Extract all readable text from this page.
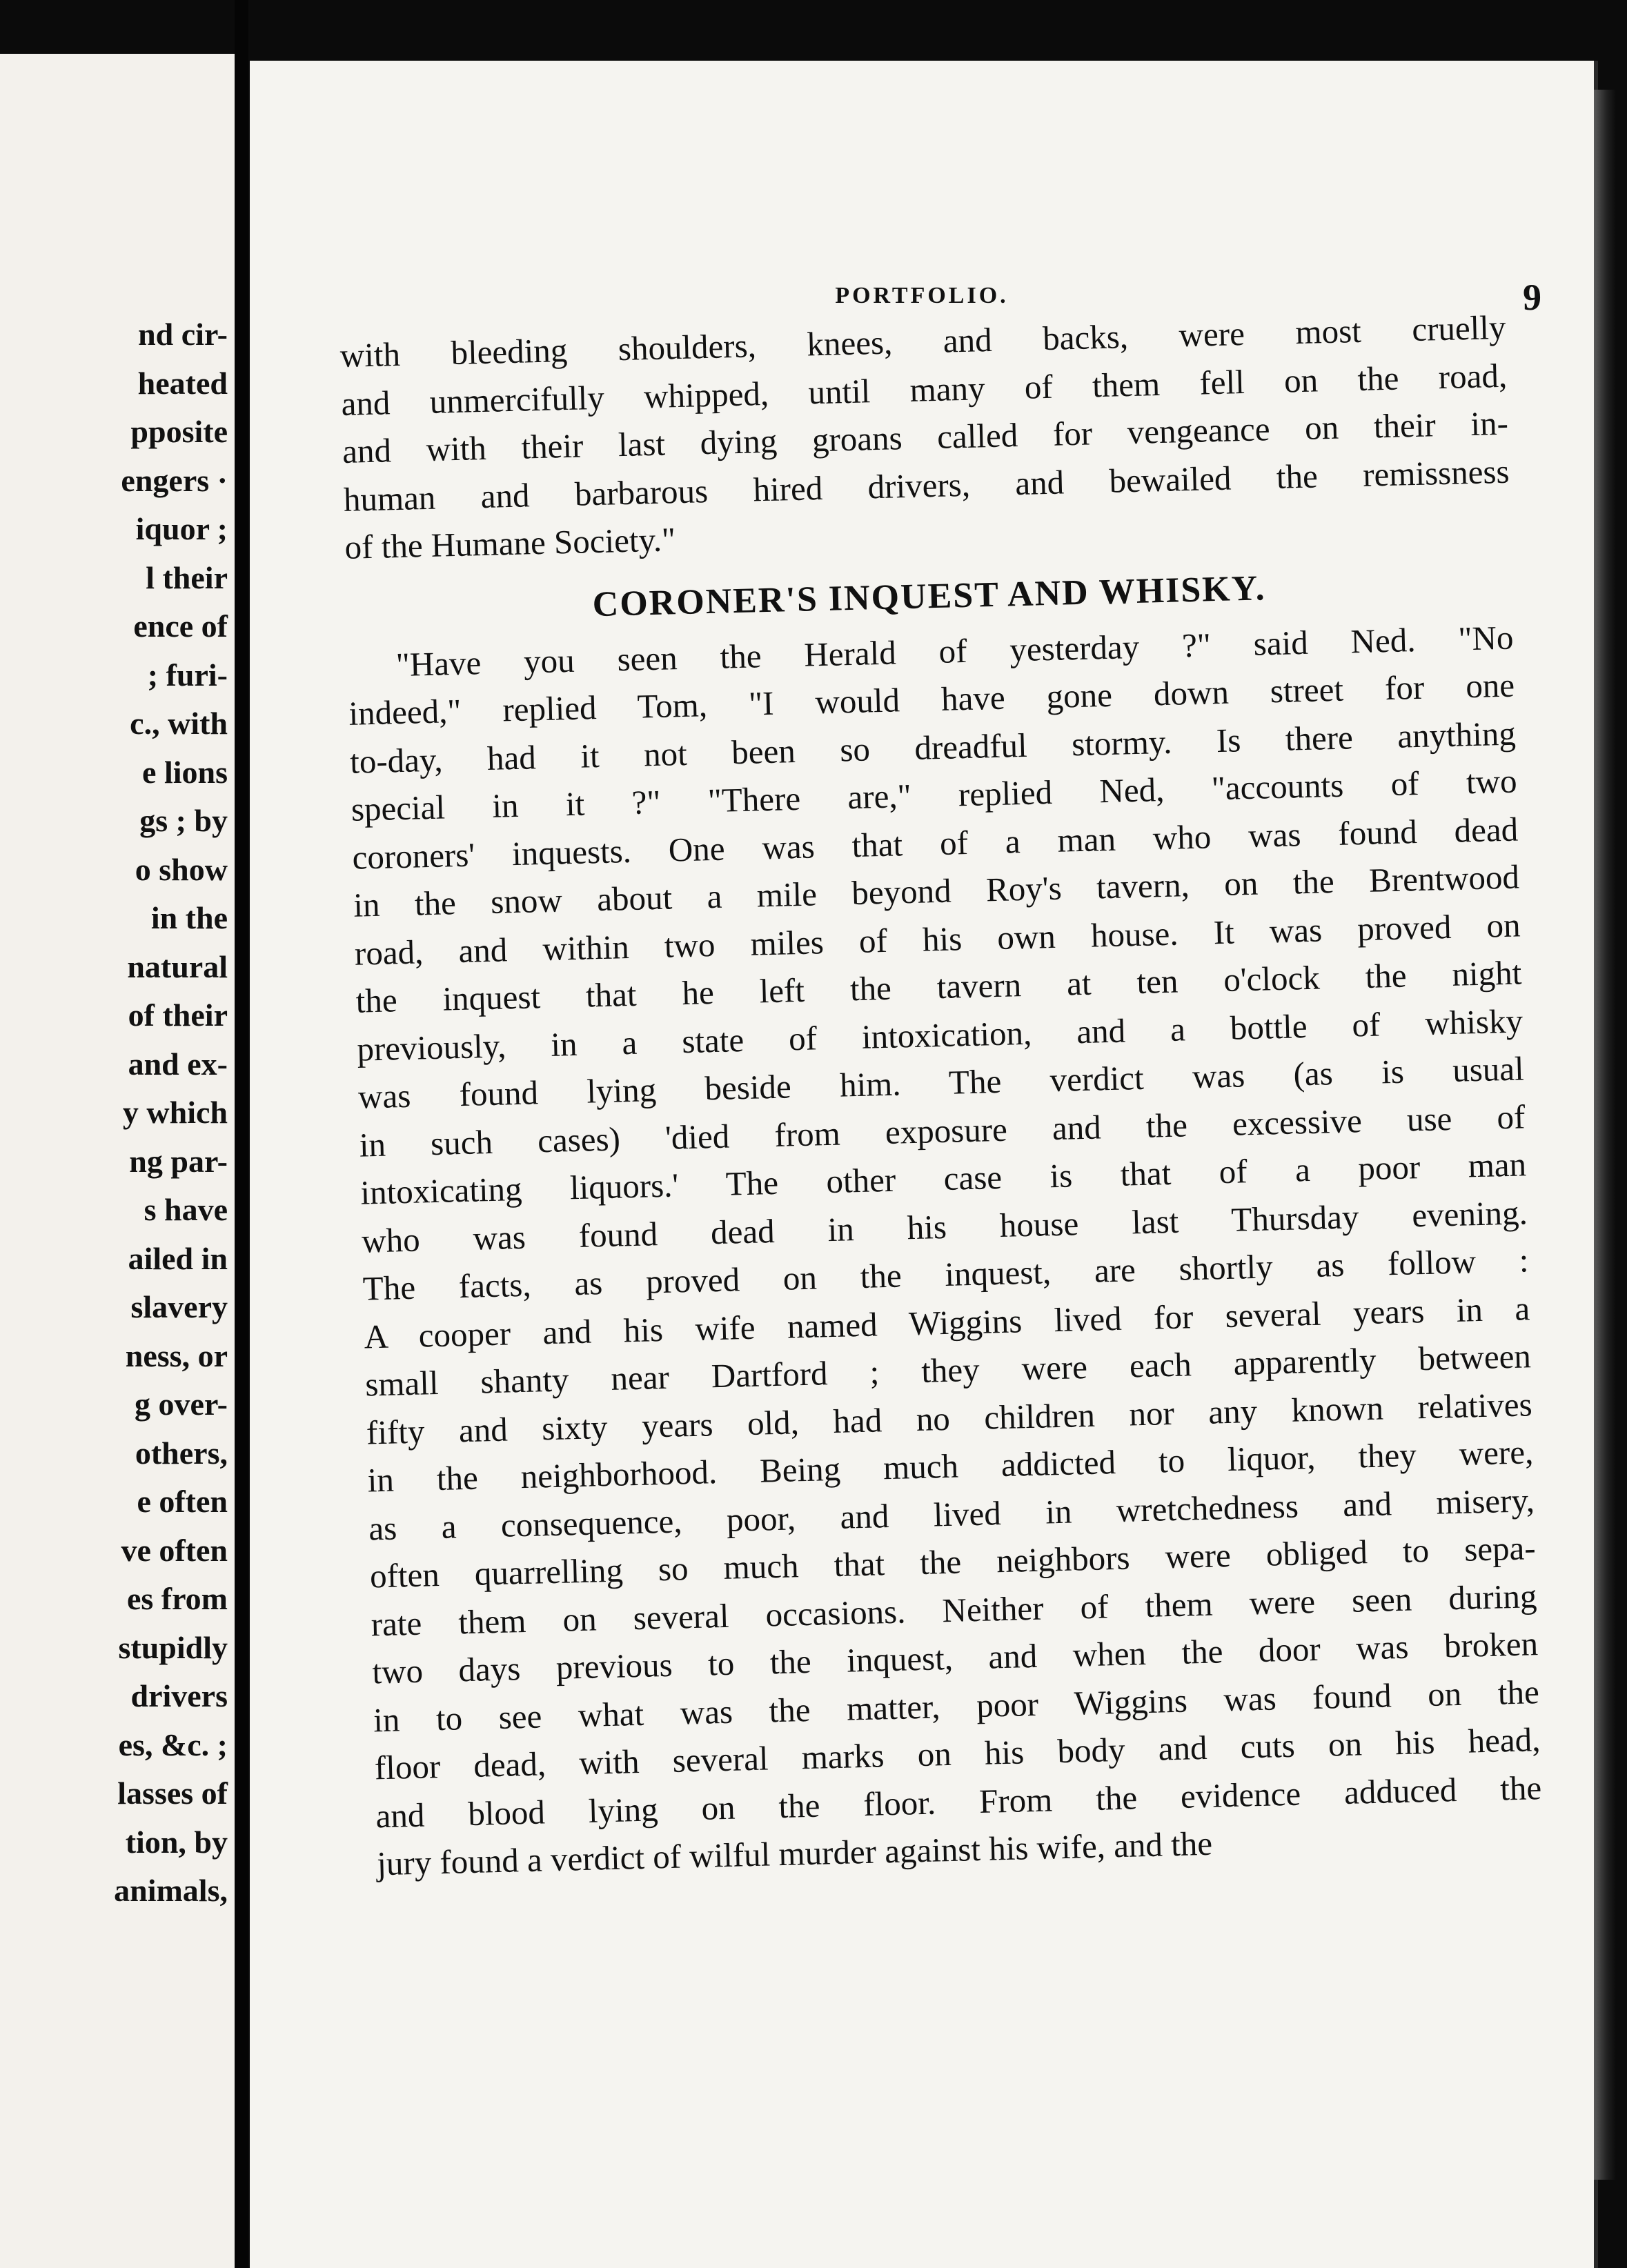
nd cir-
heated
pposite
engers ·
iquor ;
l their
ence of
; furi-
c., with
e lions
gs ; by
o show
in the
natural
of their
and ex-
y which
ng par-
s have
ailed in
slavery
ness, or
g over-
others,
e often
ve often
es from
stupidly
drivers
es, &c. ;
lasses of
tion, by
animals,
PORTFOLIO.	9
with bleeding shoulders, knees, and backs, were most cruelly
and unmercifully whipped, until many of them fell on the road,
and with their last dying groans called for vengeance on their in-
human and barbarous hired drivers, and bewailed the remissness
of the Humane Society."
CORONER'S INQUEST AND WHISKY.
"Have you seen the Herald of yesterday ?" said Ned. "No
indeed," replied Tom, "I would have gone down street for one
to-day, had it not been so dreadful stormy. Is there anything
special in it ?" "There are," replied Ned, "accounts of two
coroners' inquests. One was that of a man who was found dead
in the snow about a mile beyond Roy's tavern, on the Brentwood
road, and within two miles of his own house. It was proved on
the inquest that he left the tavern at ten o'clock the night
previously, in a state of intoxication, and a bottle of whisky
was found lying beside him. The verdict was (as is usual
in such cases) 'died from exposure and the excessive use of
intoxicating liquors.' The other case is that of a poor man
who was found dead in his house last Thursday evening.
The facts, as proved on the inquest, are shortly as follow :
A cooper and his wife named Wiggins lived for several years in a
small shanty near Dartford ; they were each apparently between
fifty and sixty years old, had no children nor any known relatives
in the neighborhood. Being much addicted to liquor, they were,
as a consequence, poor, and lived in wretchedness and misery,
often quarrelling so much that the neighbors were obliged to sepa-
rate them on several occasions. Neither of them were seen during
two days previous to the inquest, and when the door was broken
in to see what was the matter, poor Wiggins was found on the
floor dead, with several marks on his body and cuts on his head,
and blood lying on the floor. From the evidence adduced the
jury found a verdict of wilful murder against his wife, and the
